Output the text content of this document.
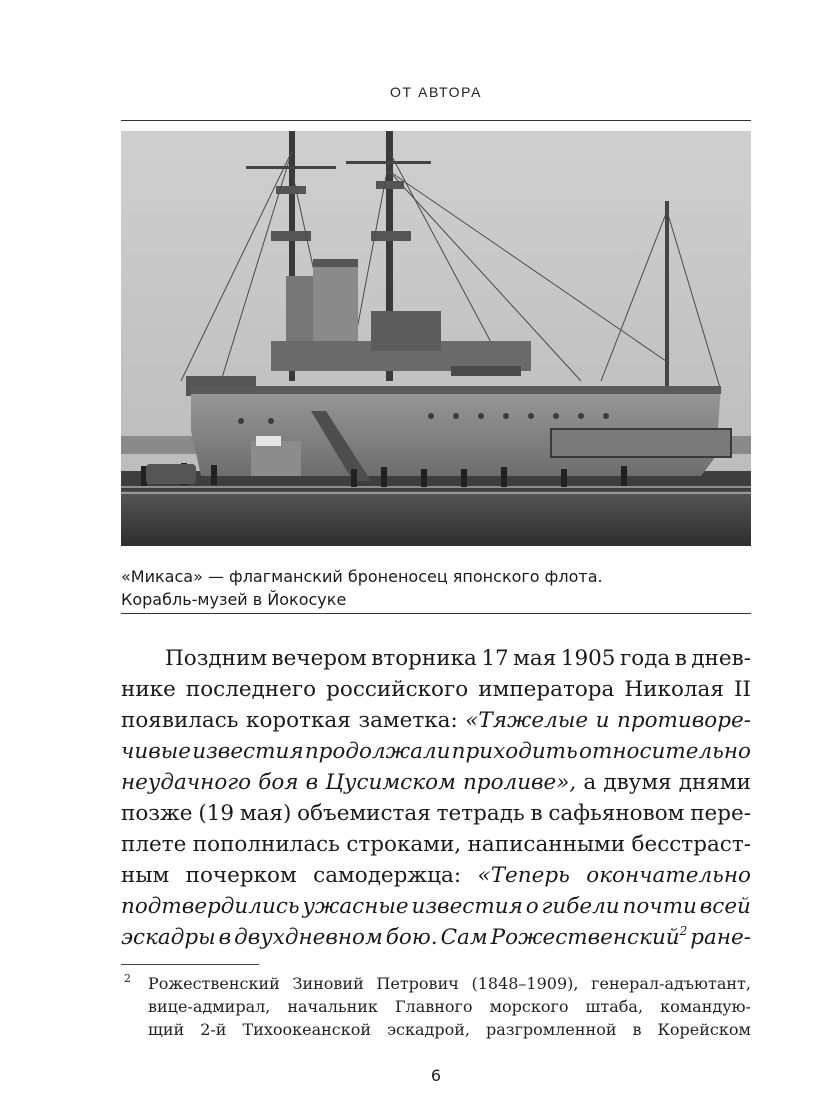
ОТ АВТОРА
«Микаса» — флагманский броненосец японского флота.
Корабль-музей в Йокосуке
Поздним вечером вторника 17 мая 1905 года в днев-
нике последнего российского императора Николая II
появилась короткая заметка: «Тяжелые и противоре-
чивые известия продолжали приходить относительно
неудачного боя в Цусимском проливе», а двумя днями
позже (19 мая) объемистая тетрадь в сафьяновом пере-
плете пополнилась строками, написанными бесстраст-
ным почерком самодержца: «Теперь окончательно
подтвердились ужасные известия о гибели почти всей
эскадры в двухдневном бою. Сам Рожественский$^2$ ране-
2 Рожественский Зиновий Петрович (1848–1909), генерал-адъютант,
вице-адмирал, начальник Главного морского штаба, командую-
щий 2-й Тихоокеанской эскадрой, разгромленной в Корейском
6
